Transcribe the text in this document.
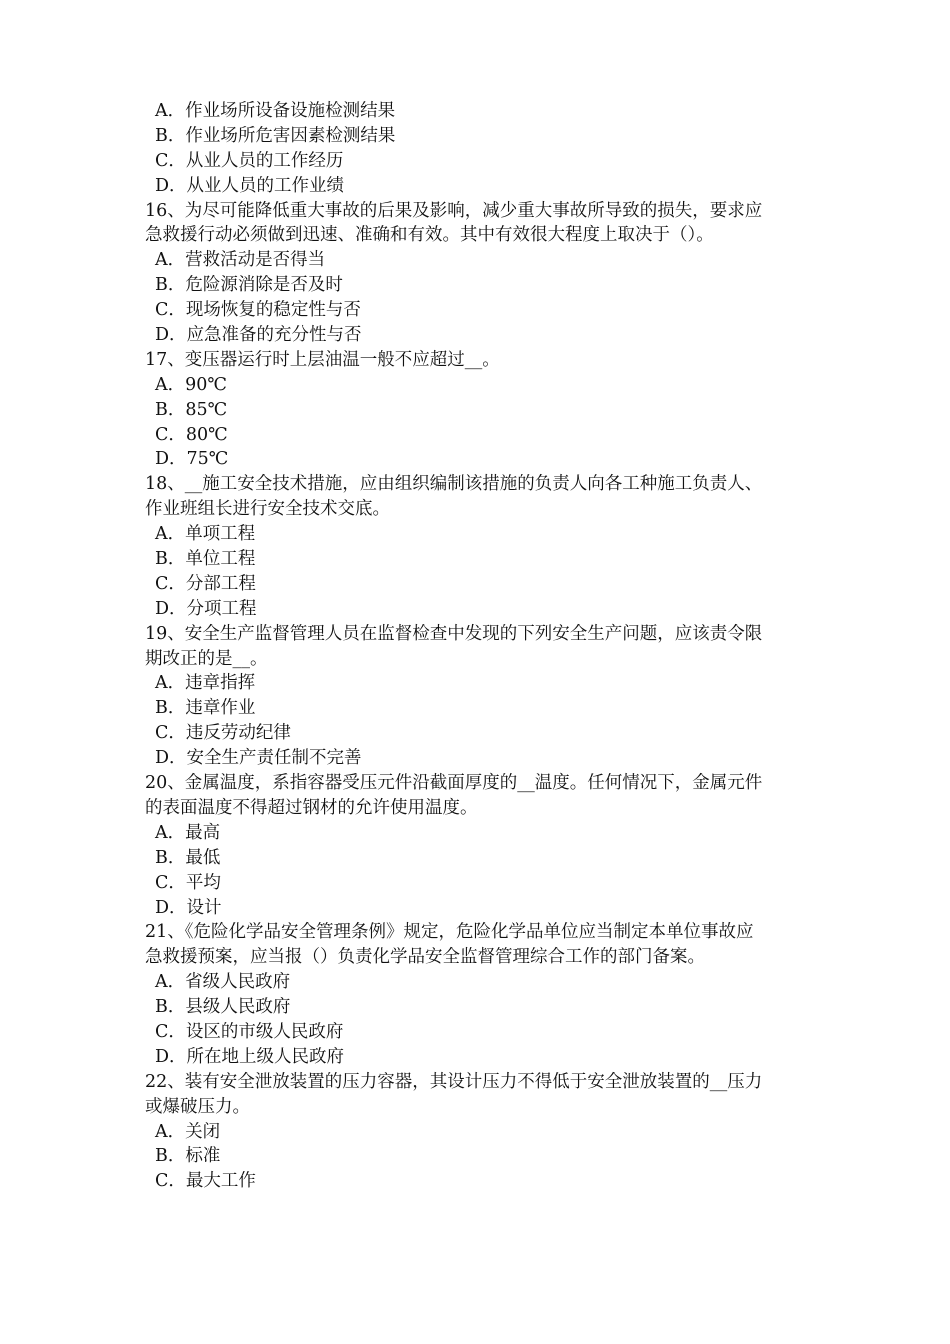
A．作业场所设备设施检测结果
B．作业场所危害因素检测结果
C．从业人员的工作经历
D．从业人员的工作业绩
16、为尽可能降低重大事故的后果及影响，减少重大事故所导致的损失，要求应
急救援行动必须做到迅速、准确和有效。其中有效很大程度上取决于（）。
A．营救活动是否得当
B．危险源消除是否及时
C．现场恢复的稳定性与否
D．应急准备的充分性与否
17、变压器运行时上层油温一般不应超过__。
A．90℃
B．85℃
C．80℃
D．75℃
18、__施工安全技术措施，应由组织编制该措施的负责人向各工种施工负责人、
作业班组长进行安全技术交底。
A．单项工程
B．单位工程
C．分部工程
D．分项工程
19、安全生产监督管理人员在监督检查中发现的下列安全生产问题，应该责令限
期改正的是__。
A．违章指挥
B．违章作业
C．违反劳动纪律
D．安全生产责任制不完善
20、金属温度，系指容器受压元件沿截面厚度的__温度。任何情况下，金属元件
的表面温度不得超过钢材的允许使用温度。
A．最高
B．最低
C．平均
D．设计
21、《危险化学品安全管理条例》规定，危险化学品单位应当制定本单位事故应
急救援预案，应当报（）负责化学品安全监督管理综合工作的部门备案。
A．省级人民政府
B．县级人民政府
C．设区的市级人民政府
D．所在地上级人民政府
22、装有安全泄放装置的压力容器，其设计压力不得低于安全泄放装置的__压力
或爆破压力。
A．关闭
B．标准
C．最大工作
